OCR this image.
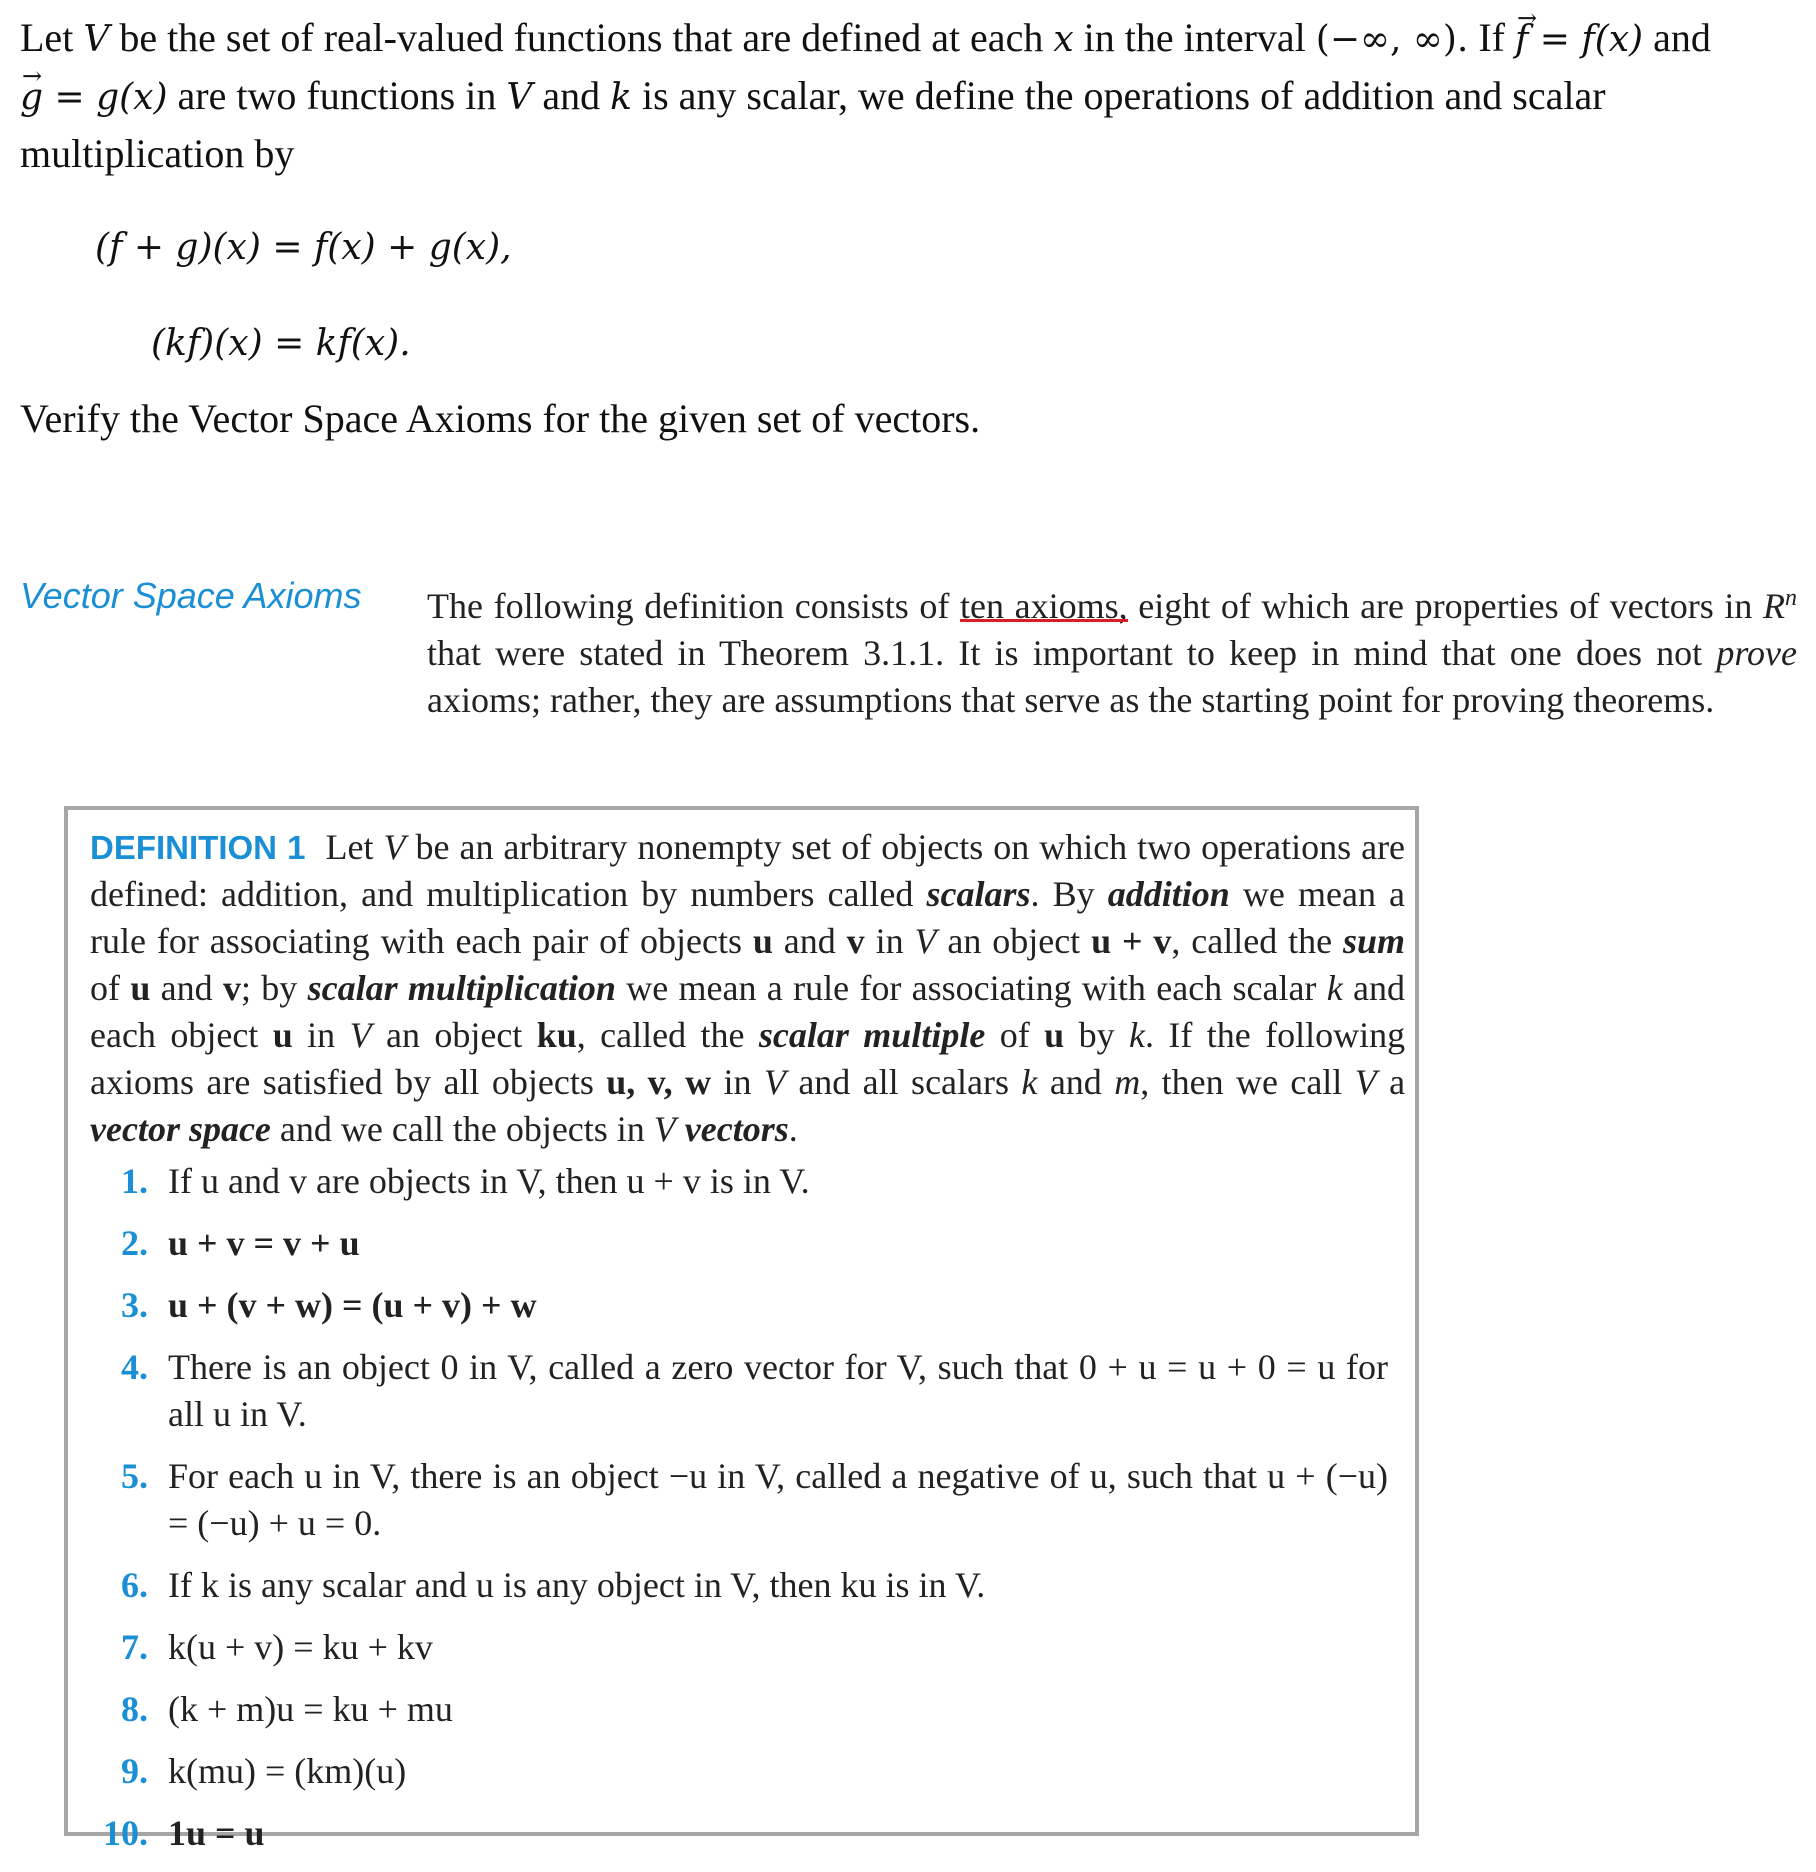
Let V be the set of real-valued functions that are defined at each x in the interval (−∞, ∞). If → f = f(x) and → g = g(x) are two functions in V and k is any scalar, we define the operations of addition and scalar multiplication by

(f + g)(x) = f(x) + g(x),
(kf)(x) = kf(x).
Verify the Vector Space Axioms for the given set of vectors.
Vector Space Axioms The following definition consists of ten axioms, eight of which are properties of vectors in $R^n$ that were stated in Theorem 3.1.1. It is important to keep in mind that one does not prove axioms; rather, they are assumptions that serve as the starting point for proving theorems.
DEFINITION 1 Let V be an arbitrary nonempty set of objects on which two operations are defined: addition, and multiplication by numbers called scalars. By addition we mean a rule for associating with each pair of objects u and v in V an object u + v, called the sum of u and v; by scalar multiplication we mean a rule for associating with each scalar k and each object u in V an object ku, called the scalar multiple of u by k. If the following axioms are satisfied by all objects u, v, w in V and all scalars k and m, then we call V a vector space and we call the objects in V vectors.
1. If u and v are objects in V, then u + v is in V.
2. u + v = v + u
3. u + (v + w) = (u + v) + w
4. There is an object 0 in V, called a zero vector for V, such that 0 + u = u + 0 = u for all u in V.
5. For each u in V, there is an object −u in V, called a negative of u, such that u + (−u) = (−u) + u = 0.
6. If k is any scalar and u is any object in V, then ku is in V.
7. k(u + v) = ku + kv
8. (k + m)u = ku + mu
9. k(mu) = (km)(u)
10. 1u = u
